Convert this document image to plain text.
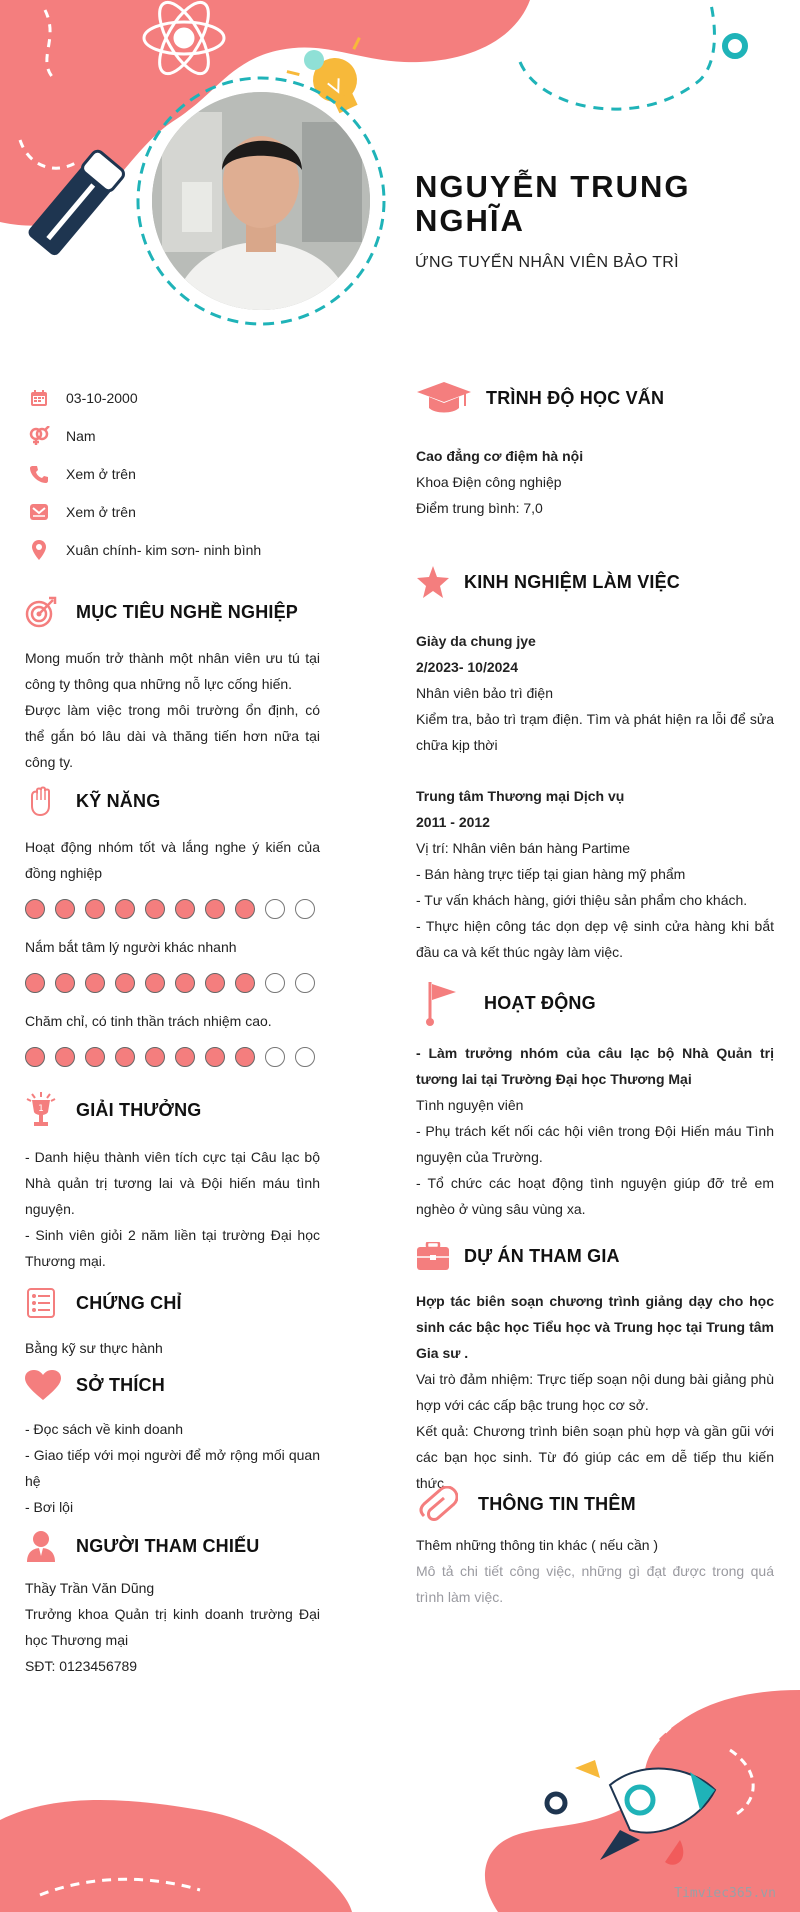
NGUYỄN TRUNG NGHĨA
ỨNG TUYỂN NHÂN VIÊN BẢO TRÌ
03-10-2000
Nam
Xem ở trên
Xem ở trên
Xuân chính- kim sơn- ninh bình
MỤC TIÊU NGHỀ NGHIỆP

Mong muốn trở thành một nhân viên ưu tú tại công ty thông qua những nỗ lực cống hiến.

Được làm việc trong môi trường ổn định, có thể gắn bó lâu dài và thăng tiến hơn nữa tại công ty.

KỸ NĂNG
Hoạt động nhóm tốt và lắng nghe ý kiến của đồng nghiệp
Nắm bắt tâm lý người khác nhanh
Chăm chỉ, có tinh thần trách nhiệm cao.
1 GIẢI THƯỞNG

- Danh hiệu thành viên tích cực tại Câu lạc bộ Nhà quản trị tương lai và Đội hiến máu tình nguyện.

- Sinh viên giỏi 2 năm liền tại trường Đại học Thương mại.

CHỨNG CHỈ

Bằng kỹ sư thực hành

SỞ THÍCH

- Đọc sách về kinh doanh

- Giao tiếp với mọi người để mở rộng mối quan hệ

- Bơi lội

NGƯỜI THAM CHIẾU

Thầy Trần Văn Dũng

Trưởng khoa Quản trị kinh doanh trường Đại học Thương mại

SĐT: 0123456789

TRÌNH ĐỘ HỌC VẤN

Cao đẳng cơ điệm hà nội

Khoa Điện công nghiệp

Điểm trung bình: 7,0

KINH NGHIỆM LÀM VIỆC

Giày da chung jye

2/2023- 10/2024

Nhân viên bảo trì điện

Kiểm tra, bảo trì trạm điện. Tìm và phát hiện ra lỗi để sửa chữa kịp thời

Trung tâm Thương mại Dịch vụ

2011 - 2012

Vị trí: Nhân viên bán hàng Partime

- Bán hàng trực tiếp tại gian hàng mỹ phẩm

- Tư vấn khách hàng, giới thiệu sản phẩm cho khách.

- Thực hiện công tác dọn dẹp vệ sinh cửa hàng khi bắt đầu ca và kết thúc ngày làm việc.

HOẠT ĐỘNG

- Làm trưởng nhóm của câu lạc bộ Nhà Quản trị tương lai tại Trường Đại học Thương Mại

Tình nguyện viên

- Phụ trách kết nối các hội viên trong Đội Hiến máu Tình nguyện của Trường.

- Tổ chức các hoạt động tình nguyện giúp đỡ trẻ em nghèo ở vùng sâu vùng xa.

DỰ ÁN THAM GIA

Hợp tác biên soạn chương trình giảng dạy cho học sinh các bậc học Tiểu học và Trung học tại Trung tâm Gia sư .

Vai trò đảm nhiệm: Trực tiếp soạn nội dung bài giảng phù hợp với các cấp bậc trung học cơ sở.

Kết quả: Chương trình biên soạn phù hợp và gần gũi với các bạn học sinh. Từ đó giúp các em dễ tiếp thu kiến thức.

THÔNG TIN THÊM

Thêm những thông tin khác ( nếu cần )

Mô tả chi tiết công việc, những gì đạt được trong quá trình làm việc.

Timviec365.vn
